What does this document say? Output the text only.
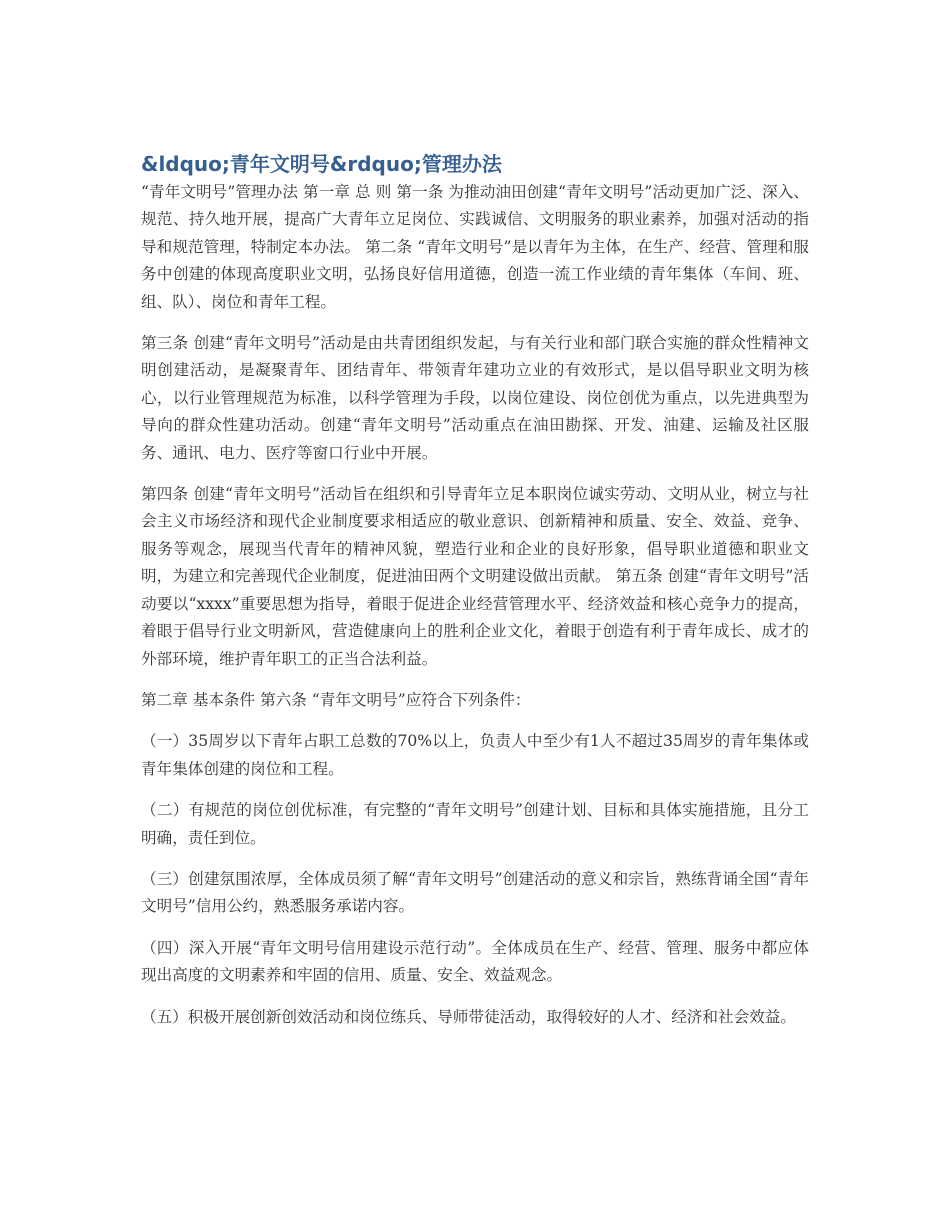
&ldquo;青年文明号&rdquo;管理办法

“青年文明号”管理办法 第一章 总 则 第一条 为推动油田创建“青年文明号”活动更加广泛、深入、规范、持久地开展，提高广大青年立足岗位、实践诚信、文明服务的职业素养，加强对活动的指导和规范管理，特制定本办法。 第二条 “青年文明号”是以青年为主体，在生产、经营、管理和服务中创建的体现高度职业文明，弘扬良好信用道德，创造一流工作业绩的青年集体（车间、班、组、队）、岗位和青年工程。

第三条 创建“青年文明号”活动是由共青团组织发起，与有关行业和部门联合实施的群众性精神文明创建活动，是凝聚青年、团结青年、带领青年建功立业的有效形式，是以倡导职业文明为核心，以行业管理规范为标准，以科学管理为手段，以岗位建设、岗位创优为重点，以先进典型为导向的群众性建功活动。创建“青年文明号”活动重点在油田勘探、开发、油建、运输及社区服务、通讯、电力、医疗等窗口行业中开展。

第四条 创建“青年文明号”活动旨在组织和引导青年立足本职岗位诚实劳动、文明从业，树立与社会主义市场经济和现代企业制度要求相适应的敬业意识、创新精神和质量、安全、效益、竞争、服务等观念，展现当代青年的精神风貌，塑造行业和企业的良好形象，倡导职业道德和职业文明，为建立和完善现代企业制度，促进油田两个文明建设做出贡献。 第五条 创建“青年文明号”活动要以“xxxx”重要思想为指导，着眼于促进企业经营管理水平、经济效益和核心竞争力的提高，着眼于倡导行业文明新风，营造健康向上的胜利企业文化，着眼于创造有利于青年成长、成才的外部环境，维护青年职工的正当合法利益。

第二章 基本条件 第六条 “青年文明号”应符合下列条件：

（一）35周岁以下青年占职工总数的70%以上，负责人中至少有1人不超过35周岁的青年集体或青年集体创建的岗位和工程。

（二）有规范的岗位创优标准，有完整的“青年文明号”创建计划、目标和具体实施措施，且分工明确，责任到位。

（三）创建氛围浓厚，全体成员须了解“青年文明号”创建活动的意义和宗旨，熟练背诵全国“青年文明号”信用公约，熟悉服务承诺内容。

（四）深入开展“青年文明号信用建设示范行动”。全体成员在生产、经营、管理、服务中都应体现出高度的文明素养和牢固的信用、质量、安全、效益观念。

（五）积极开展创新创效活动和岗位练兵、导师带徒活动，取得较好的人才、经济和社会效益。
